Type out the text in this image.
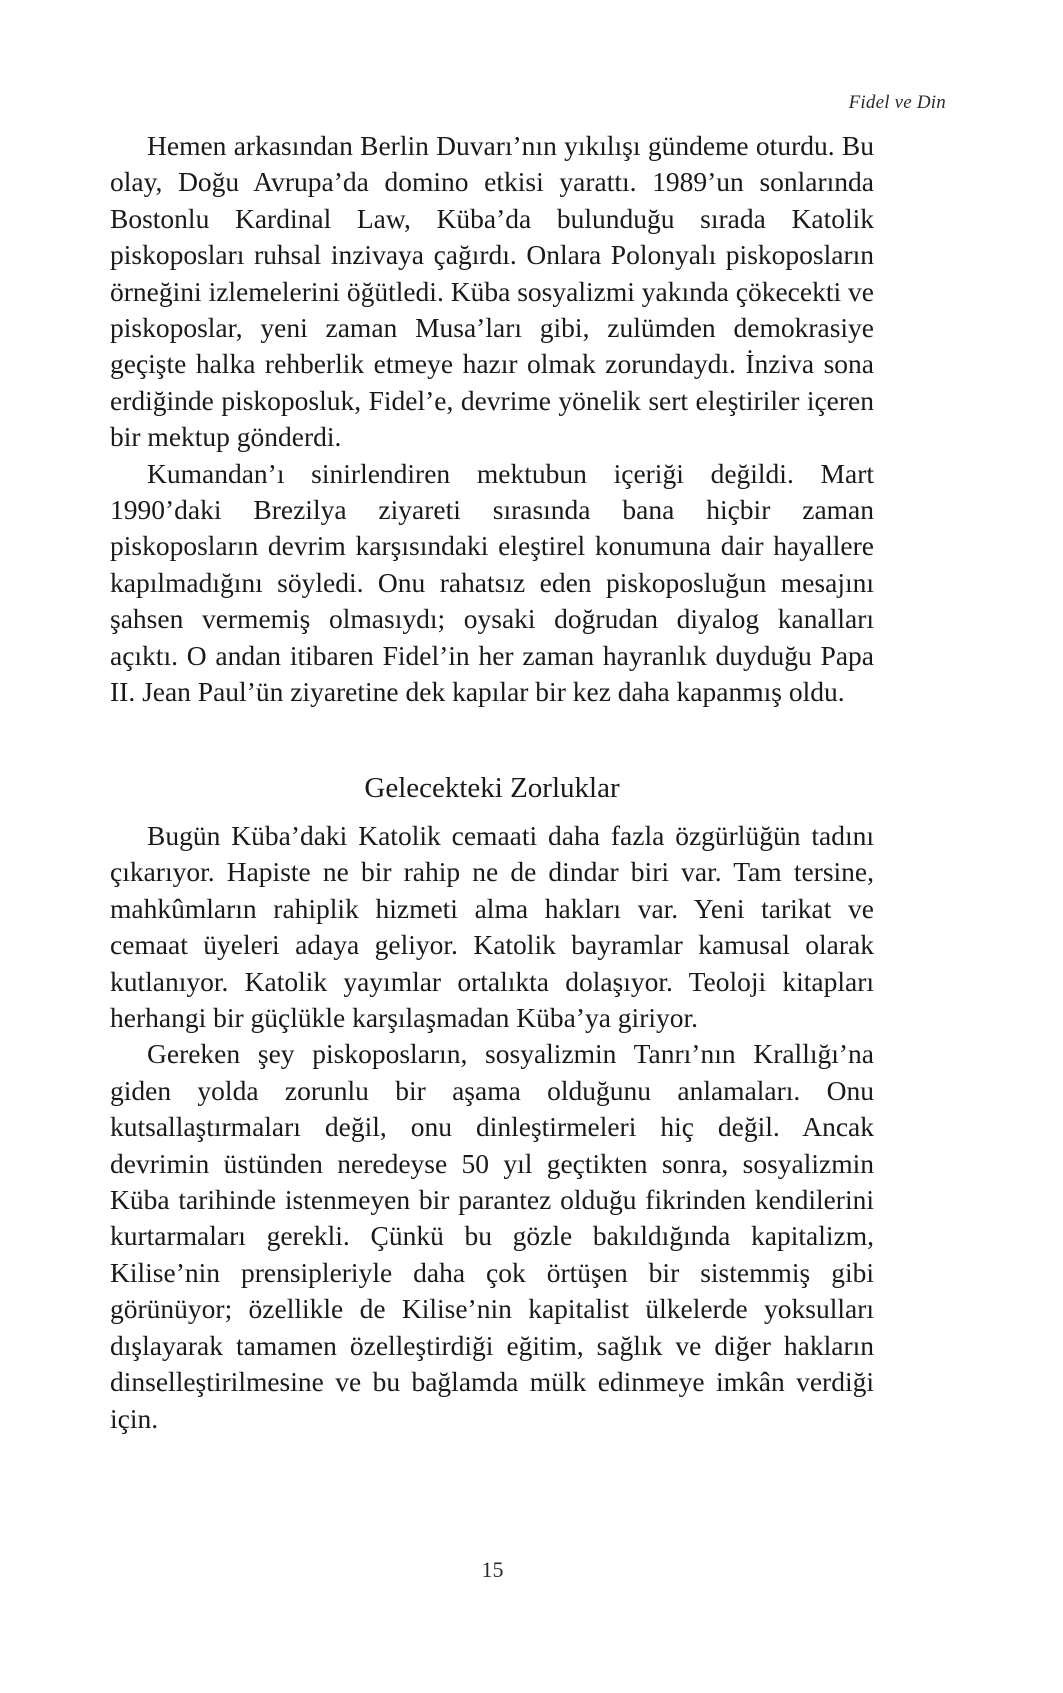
Fidel ve Din

Hemen arkasından Berlin Duvarı’nın yıkılışı gündeme oturdu. Bu olay, Doğu Avrupa’da domino etkisi yarattı. 1989’un sonlarında Bostonlu Kardinal Law, Küba’da bulunduğu sırada Katolik piskoposları ruhsal inzivaya çağırdı. Onlara Polonyalı piskoposların örneğini izlemelerini öğütledi. Küba sosyalizmi yakında çökecekti ve piskoposlar, yeni zaman Musa’ları gibi, zulümden demokrasiye geçişte halka rehberlik etmeye hazır olmak zorundaydı. İnziva sona erdiğinde piskoposluk, Fidel’e, devrime yönelik sert eleştiriler içeren bir mektup gönderdi.

Kumandan’ı sinirlendiren mektubun içeriği değildi. Mart 1990’daki Brezilya ziyareti sırasında bana hiçbir zaman piskoposların devrim karşısındaki eleştirel konumuna dair hayallere kapılmadığını söyledi. Onu rahatsız eden piskoposluğun mesajını şahsen vermemiş olmasıydı; oysaki doğrudan diyalog kanalları açıktı. O andan itibaren Fidel’in her zaman hayranlık duyduğu Papa II. Jean Paul’ün ziyaretine dek kapılar bir kez daha kapanmış oldu.

Gelecekteki Zorluklar

Bugün Küba’daki Katolik cemaati daha fazla özgürlüğün tadını çıkarıyor. Hapiste ne bir rahip ne de dindar biri var. Tam tersine, mahkûmların rahiplik hizmeti alma hakları var. Yeni tarikat ve cemaat üyeleri adaya geliyor. Katolik bayramlar kamusal olarak kutlanıyor. Katolik yayımlar ortalıkta dolaşıyor. Teoloji kitapları herhangi bir güçlükle karşılaşmadan Küba’ya giriyor.

Gereken şey piskoposların, sosyalizmin Tanrı’nın Krallığı’na giden yolda zorunlu bir aşama olduğunu anlamaları. Onu kutsallaştırmaları değil, onu dinleştirmeleri hiç değil. Ancak devrimin üstünden neredeyse 50 yıl geçtikten sonra, sosyalizmin Küba tarihinde istenmeyen bir parantez olduğu fikrinden kendilerini kurtarmaları gerekli. Çünkü bu gözle bakıldığında kapitalizm, Kilise’nin prensipleriyle daha çok örtüşen bir sistemmiş gibi görünüyor; özellikle de Kilise’nin kapitalist ülkelerde yoksulları dışlayarak tamamen özelleştirdiği eğitim, sağlık ve diğer hakların dinselleştirilmesine ve bu bağlamda mülk edinmeye imkân verdiği için.

15
